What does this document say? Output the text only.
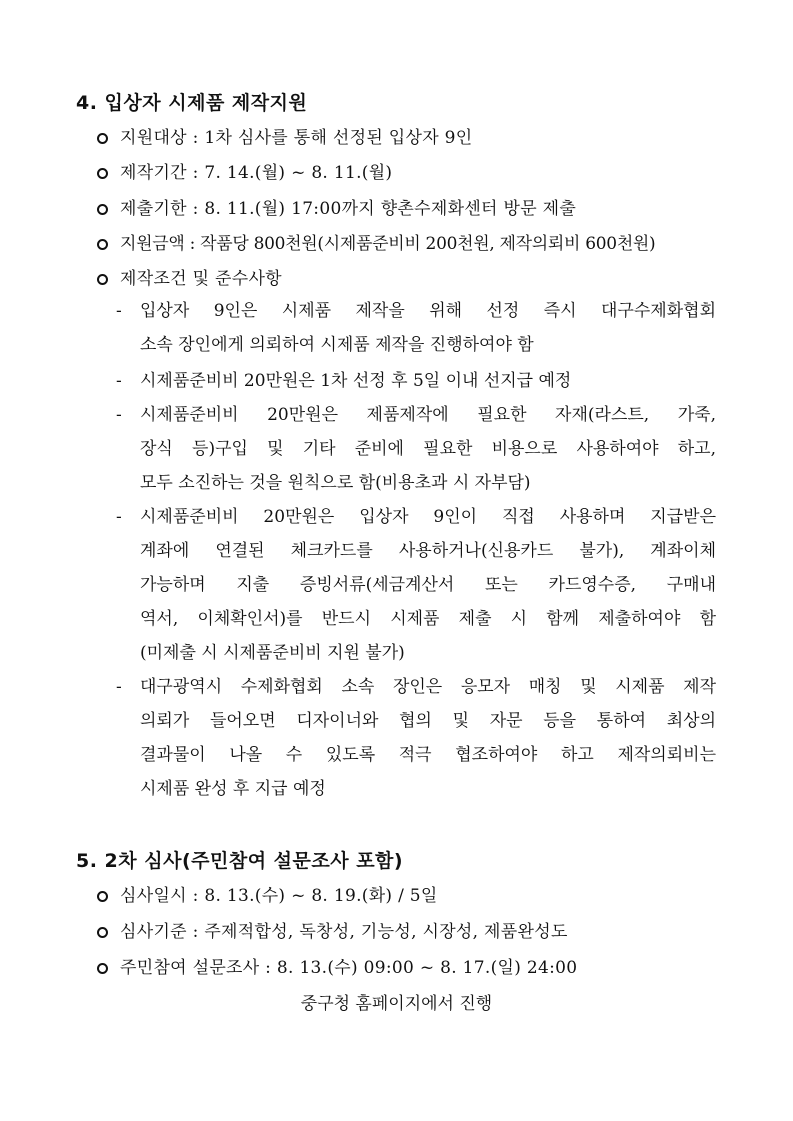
4. 입상자 시제품 제작지원
지원대상 : 1차 심사를 통해 선정된 입상자 9인
제작기간 : 7. 14.(월) ~ 8. 11.(월)
제출기한 : 8. 11.(월) 17:00까지 향촌수제화센터 방문 제출
지원금액 : 작품당 800천원(시제품준비비 200천원, 제작의뢰비 600천원)
제작조건 및 준수사항
- 입상자 9인은 시제품 제작을 위해 선정 즉시 대구수제화협회
소속 장인에게 의뢰하여 시제품 제작을 진행하여야 함
- 시제품준비비 20만원은 1차 선정 후 5일 이내 선지급 예정
- 시제품준비비 20만원은 제품제작에 필요한 자재(라스트, 가죽,
장식 등)구입 및 기타 준비에 필요한 비용으로 사용하여야 하고,
모두 소진하는 것을 원칙으로 함(비용초과 시 자부담)
- 시제품준비비 20만원은 입상자 9인이 직접 사용하며 지급받은
계좌에 연결된 체크카드를 사용하거나(신용카드 불가), 계좌이체
가능하며 지출 증빙서류(세금계산서 또는 카드영수증, 구매내
역서, 이체확인서)를 반드시 시제품 제출 시 함께 제출하여야 함
(미제출 시 시제품준비비 지원 불가)
- 대구광역시 수제화협회 소속 장인은 응모자 매칭 및 시제품 제작
의뢰가 들어오면 디자이너와 협의 및 자문 등을 통하여 최상의
결과물이 나올 수 있도록 적극 협조하여야 하고 제작의뢰비는
시제품 완성 후 지급 예정
5. 2차 심사(주민참여 설문조사 포함)
심사일시 : 8. 13.(수) ~ 8. 19.(화) / 5일
심사기준 : 주제적합성, 독창성, 기능성, 시장성, 제품완성도
주민참여 설문조사 : 8. 13.(수) 09:00 ~ 8. 17.(일) 24:00
중구청 홈페이지에서 진행
